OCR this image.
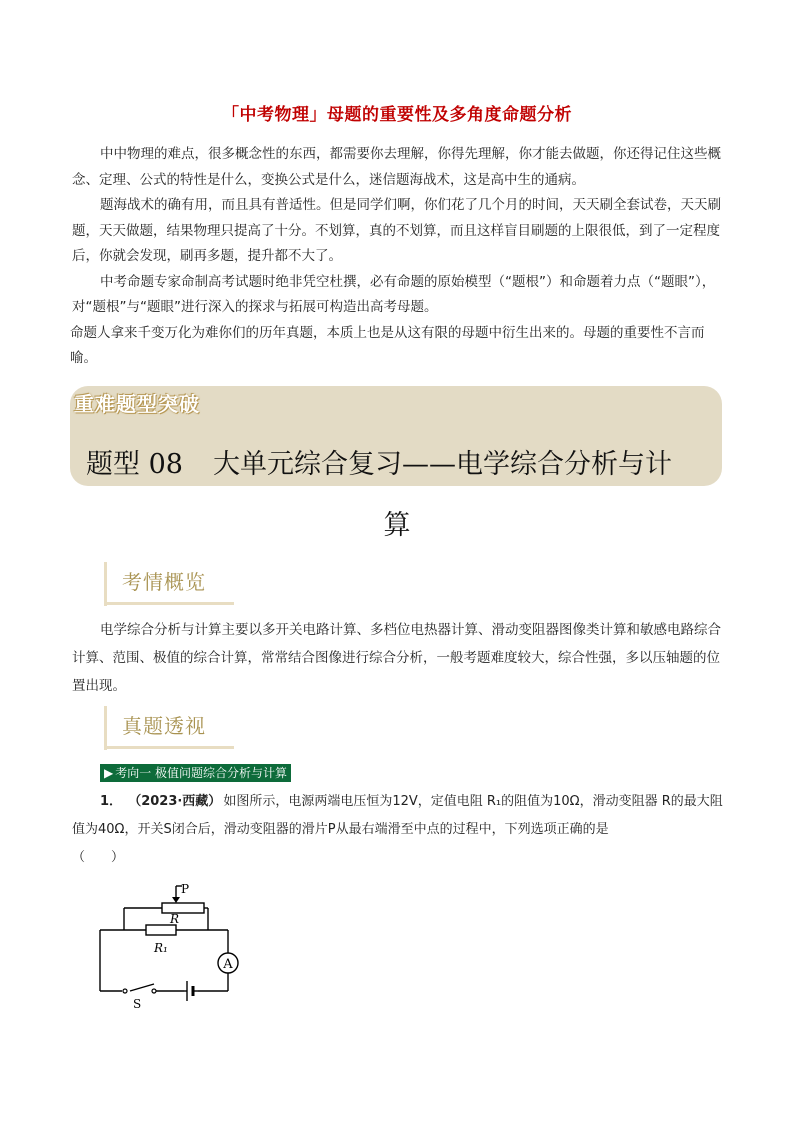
「中考物理」母题的重要性及多角度命题分析

中中物理的难点，很多概念性的东西，都需要你去理解，你得先理解，你才能去做题，你还得记住这些概念、定理、公式的特性是什么，变换公式是什么，迷信题海战术，这是高中生的通病。

题海战术的确有用，而且具有普适性。但是同学们啊，你们花了几个月的时间，天天刷全套试卷，天天刷题，天天做题，结果物理只提高了十分。不划算，真的不划算，而且这样盲目刷题的上限很低，到了一定程度后，你就会发现，刷再多题，提升都不大了。

中考命题专家命制高考试题时绝非凭空杜撰，必有命题的原始模型（“题根”）和命题着力点（“题眼”），对“题根”与“题眼”进行深入的探求与拓展可构造出高考母题。

命题人拿来千变万化为难你们的历年真题，本质上也是从这有限的母题中衍生出来的。母题的重要性不言而喻。

重难题型突破
题型 08 大单元综合复习——电学综合分析与计
算
考情概览
电学综合分析与计算主要以多开关电路计算、多档位电热器计算、滑动变阻器图像类计算和敏感电路综合计算、范围、极值的综合计算，常常结合图像进行综合分析，一般考题难度较大，综合性强，多以压轴题的位置出现。
真题透视
▶ 考向一 极值问题综合分析与计算
1． （2023·西藏） 如图所示，电源两端电压恒为12V，定值电阻 R₁的阻值为10Ω，滑动变阻器 R的最大阻值为40Ω，开关S闭合后，滑动变阻器的滑片P从最右端滑至中点的过程中，下列选项正确的是
（　　）
A
P
R
R₁
S
